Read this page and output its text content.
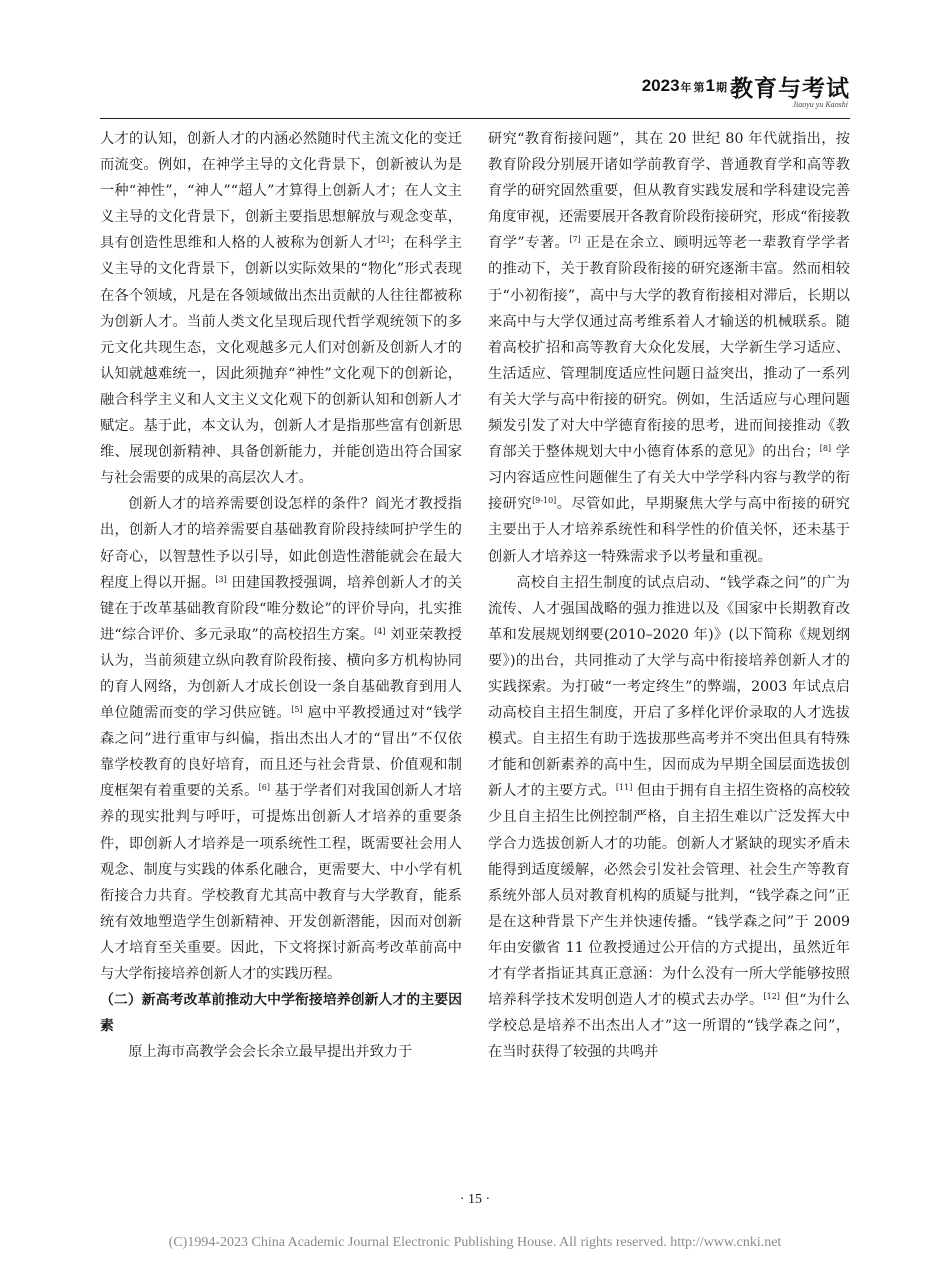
2023年 第1期 教育与考试
Jiaoyu yu Kaoshi

人才的认知，创新人才的内涵必然随时代主流文化的变迁而流变。例如，在神学主导的文化背景下，创新被认为是一种“神性”，“神人”“超人”才算得上创新人才；在人文主义主导的文化背景下，创新主要指思想解放与观念变革，具有创造性思维和人格的人被称为创新人才[2]；在科学主义主导的文化背景下，创新以实际效果的“物化”形式表现在各个领域，凡是在各领域做出杰出贡献的人往往都被称为创新人才。当前人类文化呈现后现代哲学观统领下的多元文化共现生态，文化观越多元人们对创新及创新人才的认知就越难统一，因此须抛弃“神性”文化观下的创新论，融合科学主义和人文主义文化观下的创新认知和创新人才赋定。基于此，本文认为，创新人才是指那些富有创新思维、展现创新精神、具备创新能力，并能创造出符合国家与社会需要的成果的高层次人才。

创新人才的培养需要创设怎样的条件？阎光才教授指出，创新人才的培养需要自基础教育阶段持续呵护学生的好奇心，以智慧性予以引导，如此创造性潜能就会在最大程度上得以开掘。[3] 田建国教授强调，培养创新人才的关键在于改革基础教育阶段“唯分数论”的评价导向，扎实推进“综合评价、多元录取”的高校招生方案。[4] 刘亚荣教授认为，当前须建立纵向教育阶段衔接、横向多方机构协同的育人网络，为创新人才成长创设一条自基础教育到用人单位随需而变的学习供应链。[5] 扈中平教授通过对“钱学森之问”进行重审与纠偏，指出杰出人才的“冒出”不仅依靠学校教育的良好培育，而且还与社会背景、价值观和制度框架有着重要的关系。[6] 基于学者们对我国创新人才培养的现实批判与呼吁，可提炼出创新人才培养的重要条件，即创新人才培养是一项系统性工程，既需要社会用人观念、制度与实践的体系化融合，更需要大、中小学有机衔接合力共育。学校教育尤其高中教育与大学教育，能系统有效地塑造学生创新精神、开发创新潜能，因而对创新人才培育至关重要。因此，下文将探讨新高考改革前高中与大学衔接培养创新人才的实践历程。

（二）新高考改革前推动大中学衔接培养创新人才的主要因素

原上海市高教学会会长余立最早提出并致力于

研究“教育衔接问题”，其在 20 世纪 80 年代就指出，按教育阶段分别展开诸如学前教育学、普通教育学和高等教育学的研究固然重要，但从教育实践发展和学科建设完善角度审视，还需要展开各教育阶段衔接研究，形成“衔接教育学”专著。[7] 正是在余立、顾明远等老一辈教育学学者的推动下，关于教育阶段衔接的研究逐渐丰富。然而相较于“小初衔接”，高中与大学的教育衔接相对滞后，长期以来高中与大学仅通过高考维系着人才输送的机械联系。随着高校扩招和高等教育大众化发展，大学新生学习适应、生活适应、管理制度适应性问题日益突出，推动了一系列有关大学与高中衔接的研究。例如，生活适应与心理问题频发引发了对大中学德育衔接的思考，进而间接推动《教育部关于整体规划大中小德育体系的意见》的出台；[8] 学习内容适应性问题催生了有关大中学学科内容与教学的衔接研究[9-10]。尽管如此，早期聚焦大学与高中衔接的研究主要出于人才培养系统性和科学性的价值关怀，还未基于创新人才培养这一特殊需求予以考量和重视。

高校自主招生制度的试点启动、“钱学森之问”的广为流传、人才强国战略的强力推进以及《国家中长期教育改革和发展规划纲要(2010–2020 年)》(以下简称《规划纲要》)的出台，共同推动了大学与高中衔接培养创新人才的实践探索。为打破“一考定终生”的弊端，2003 年试点启动高校自主招生制度，开启了多样化评价录取的人才选拔模式。自主招生有助于选拔那些高考并不突出但具有特殊才能和创新素养的高中生，因而成为早期全国层面选拔创新人才的主要方式。[11] 但由于拥有自主招生资格的高校较少且自主招生比例控制严格，自主招生难以广泛发挥大中学合力选拔创新人才的功能。创新人才紧缺的现实矛盾未能得到适度缓解，必然会引发社会管理、社会生产等教育系统外部人员对教育机构的质疑与批判，“钱学森之问”正是在这种背景下产生并快速传播。“钱学森之问”于 2009 年由安徽省 11 位教授通过公开信的方式提出，虽然近年才有学者指证其真正意涵：为什么没有一所大学能够按照培养科学技术发明创造人才的模式去办学。[12] 但“为什么学校总是培养不出杰出人才”这一所谓的“钱学森之问”，在当时获得了较强的共鸣并

· 15 ·
(C)1994-2023 China Academic Journal Electronic Publishing House. All rights reserved. http://www.cnki.net
